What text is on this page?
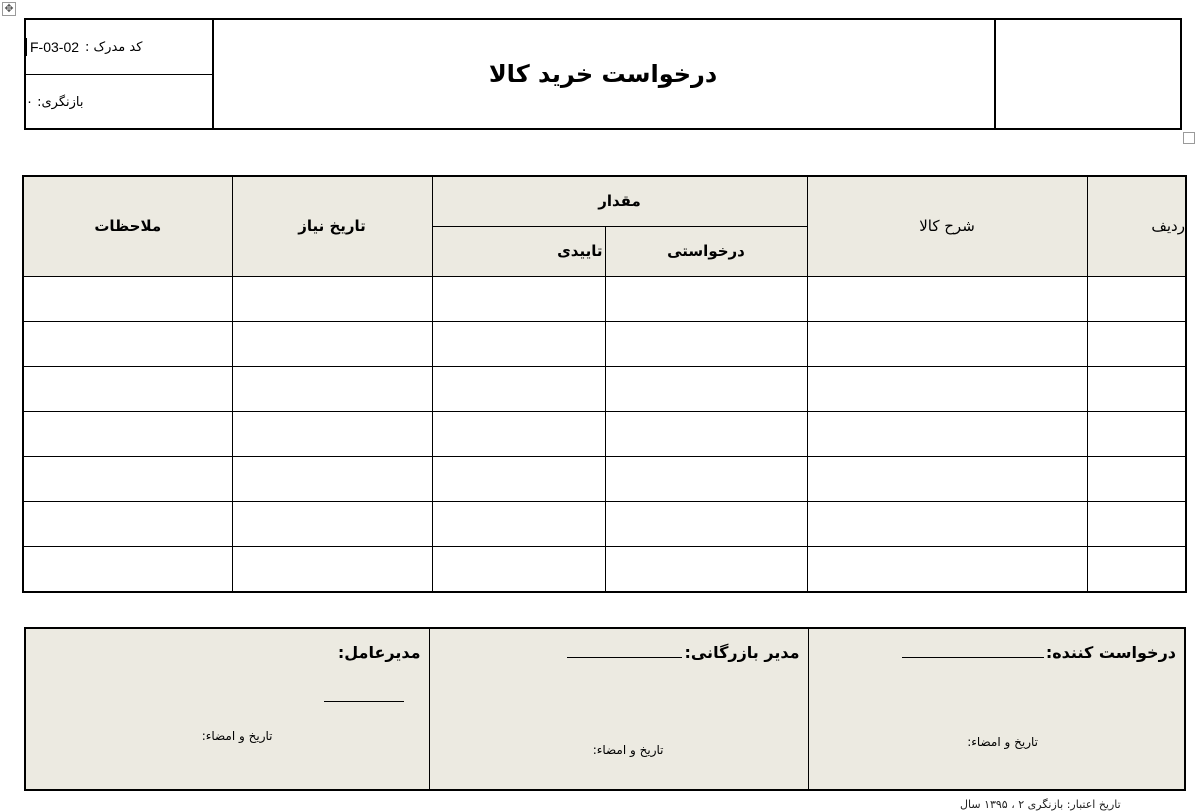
✥
درخواست خرید کالا
کد مدرک :
F-03-02
بازنگری: ۰
ردیف	شرح کالا	مقدار		تاریخ نیاز	ملاحظات
		درخواستی	تاییدی		

درخواست کننده:
تاریخ و امضاء:

مدیر بازرگانی:
تاریخ و امضاء:

مدیرعامل:
تاریخ و امضاء:
تاریخ اعتبار: بازنگری ۲ ، ۱۳۹۵ سال
